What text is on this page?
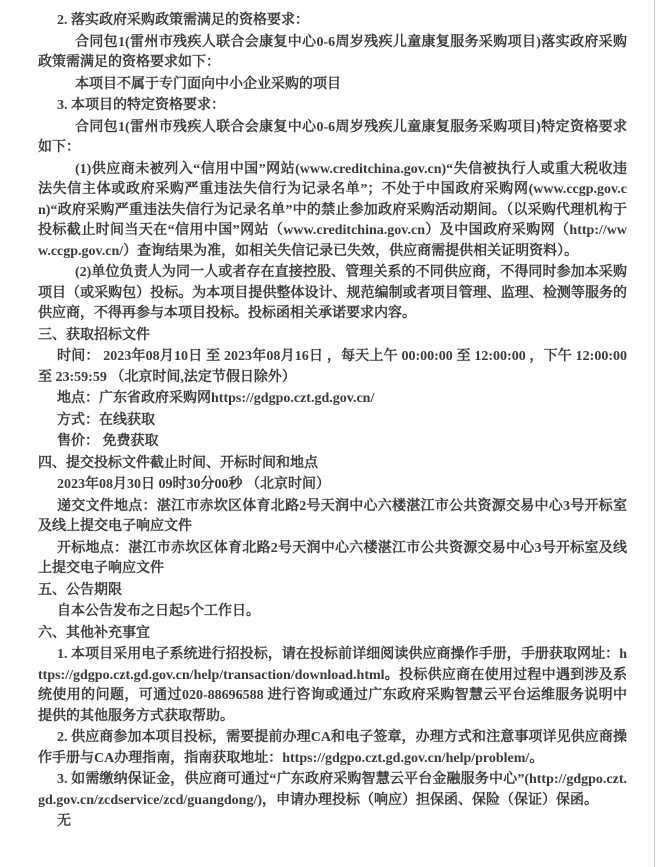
2. 落实政府采购政策需满足的资格要求：

合同包1(雷州市残疾人联合会康复中心0-6周岁残疾儿童康复服务采购项目)落实政府采购政策需满足的资格要求如下：

本项目不属于专门面向中小企业采购的项目

3. 本项目的特定资格要求：

合同包1(雷州市残疾人联合会康复中心0-6周岁残疾儿童康复服务采购项目)特定资格要求如下：

(1)供应商未被列入“信用中国”网站(www.creditchina.gov.cn)“失信被执行人或重大税收违法失信主体或政府采购严重违法失信行为记录名单”；不处于中国政府采购网(www.ccgp.gov.cn)“政府采购严重违法失信行为记录名单”中的禁止参加政府采购活动期间。（以采购代理机构于投标截止时间当天在“信用中国”网站（www.creditchina.gov.cn）及中国政府采购网（http://www.ccgp.gov.cn/）查询结果为准，如相关失信记录已失效，供应商需提供相关证明资料）。

(2)单位负责人为同一人或者存在直接控股、管理关系的不同供应商，不得同时参加本采购项目（或采购包）投标。为本项目提供整体设计、规范编制或者项目管理、监理、检测等服务的供应商，不得再参与本项目投标。投标函相关承诺要求内容。

三、获取招标文件

时间： 2023年08月10日 至 2023年08月16日 ，每天上午 00:00:00 至 12:00:00 ，下午 12:00:00 至 23:59:59 （北京时间,法定节假日除外）

地点：广东省政府采购网https://gdgpo.czt.gd.gov.cn/

方式：在线获取

售价： 免费获取

四、提交投标文件截止时间、开标时间和地点

2023年08月30日 09时30分00秒 （北京时间）

递交文件地点：湛江市赤坎区体育北路2号天润中心六楼湛江市公共资源交易中心3号开标室及线上提交电子响应文件

开标地点：湛江市赤坎区体育北路2号天润中心六楼湛江市公共资源交易中心3号开标室及线上提交电子响应文件

五、公告期限

自本公告发布之日起5个工作日。

六、其他补充事宜

1. 本项目采用电子系统进行招投标，请在投标前详细阅读供应商操作手册，手册获取网址：https://gdgpo.czt.gd.gov.cn/help/transaction/download.html。投标供应商在使用过程中遇到涉及系统使用的问题，可通过020-88696588 进行咨询或通过广东政府采购智慧云平台运维服务说明中提供的其他服务方式获取帮助。

2. 供应商参加本项目投标，需要提前办理CA和电子签章，办理方式和注意事项详见供应商操作手册与CA办理指南，指南获取地址：https://gdgpo.czt.gd.gov.cn/help/problem/。

3. 如需缴纳保证金，供应商可通过“广东政府采购智慧云平台金融服务中心”(http://gdgpo.czt.gd.gov.cn/zcdservice/zcd/guangdong/)，申请办理投标（响应）担保函、保险（保证）保函。

无
